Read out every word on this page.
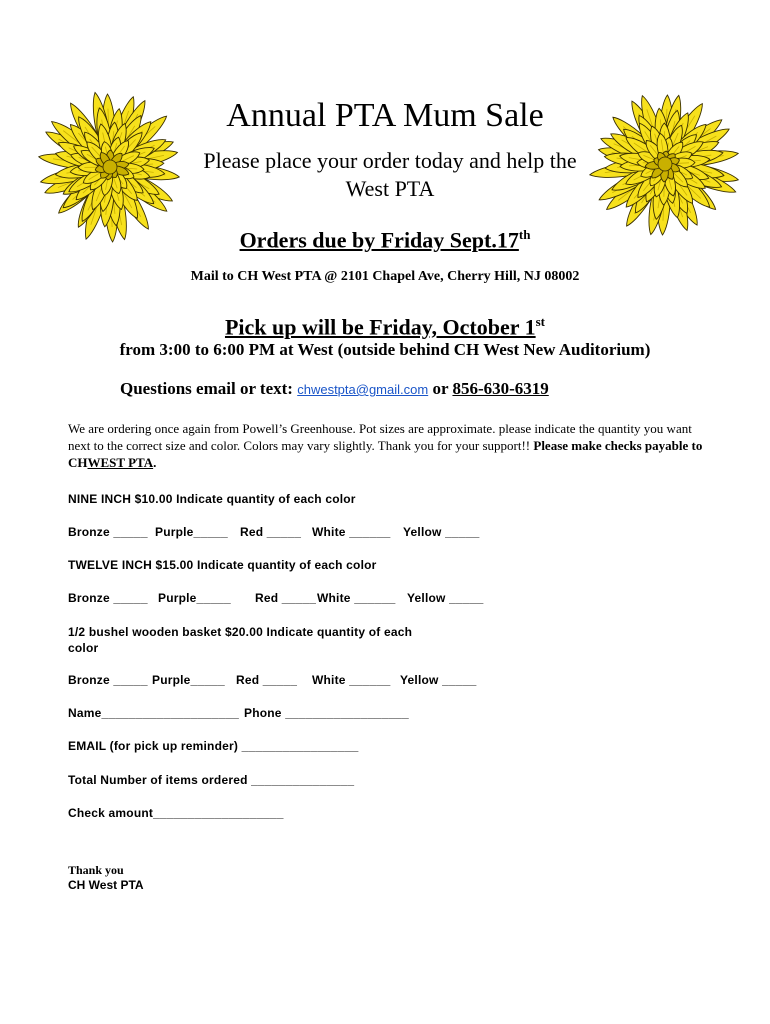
Annual PTA Mum Sale
Please place your order today and help the West PTA
Orders due by Friday Sept.17th
Mail to CH West PTA @ 2101 Chapel Ave, Cherry Hill, NJ 08002
Pick up will be Friday, October 1st
from 3:00 to 6:00 PM at West (outside behind CH West New Auditorium)
Questions email or text: chwestpta@gmail.com or 856-630-6319
We are ordering once again from Powell’s Greenhouse. Pot sizes are approximate. please indicate the quantity you want next to the correct size and color. Colors may vary slightly. Thank you for your support!! Please make checks payable to CHWEST PTA.
NINE INCH $10.00 Indicate quantity of each color
Bronze _____ Purple_____ Red _____ White ______ Yellow _____
TWELVE INCH $15.00 Indicate quantity of each color
Bronze _____ Purple_____ Red _____White ______ Yellow _____
1/2 bushel wooden basket $20.00 Indicate quantity of each
color
Bronze _____ Purple_____ Red _____ White ______ Yellow _____
Name____________________ Phone __________________
EMAIL (for pick up reminder) _________________
Total Number of items ordered _______________
Check amount___________________
Thank you
CH West PTA
